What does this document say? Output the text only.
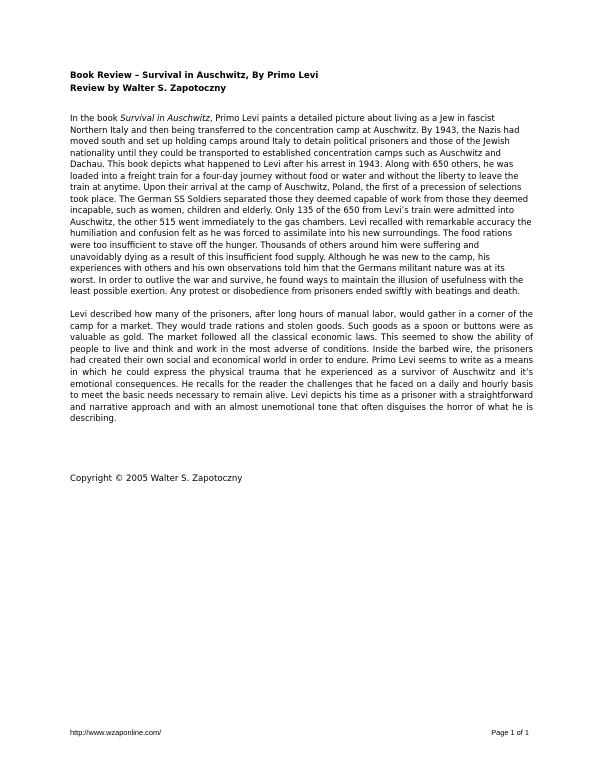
Book Review – Survival in Auschwitz, By Primo Levi
Review by Walter S. Zapotoczny

In the book Survival in Auschwitz, Primo Levi paints a detailed picture about living as a Jew in fascist Northern Italy and then being transferred to the concentration camp at Auschwitz. By 1943, the Nazis had moved south and set up holding camps around Italy to detain political prisoners and those of the Jewish nationality until they could be transported to established concentration camps such as Auschwitz and Dachau. This book depicts what happened to Levi after his arrest in 1943. Along with 650 others, he was loaded into a freight train for a four-day journey without food or water and without the liberty to leave the train at anytime. Upon their arrival at the camp of Auschwitz, Poland, the first of a precession of selections took place. The German SS Soldiers separated those they deemed capable of work from those they deemed incapable, such as women, children and elderly. Only 135 of the 650 from Levi’s train were admitted into Auschwitz, the other 515 went immediately to the gas chambers. Levi recalled with remarkable accuracy the humiliation and confusion felt as he was forced to assimilate into his new surroundings. The food rations were too insufficient to stave off the hunger. Thousands of others around him were suffering and unavoidably dying as a result of this insufficient food supply. Although he was new to the camp, his experiences with others and his own observations told him that the Germans militant nature was at its worst. In order to outlive the war and survive, he found ways to maintain the illusion of usefulness with the least possible exertion. Any protest or disobedience from prisoners ended swiftly with beatings and death.

Levi described how many of the prisoners, after long hours of manual labor, would gather in a corner of the camp for a market. They would trade rations and stolen goods. Such goods as a spoon or buttons were as valuable as gold. The market followed all the classical economic laws. This seemed to show the ability of people to live and think and work in the most adverse of conditions. Inside the barbed wire, the prisoners had created their own social and economical world in order to endure. Primo Levi seems to write as a means in which he could express the physical trauma that he experienced as a survivor of Auschwitz and it’s emotional consequences. He recalls for the reader the challenges that he faced on a daily and hourly basis to meet the basic needs necessary to remain alive. Levi depicts his time as a prisoner with a straightforward and narrative approach and with an almost unemotional tone that often disguises the horror of what he is describing.

Copyright © 2005 Walter S. Zapotoczny
http://www.wzaponline.com/	Page 1 of 1
